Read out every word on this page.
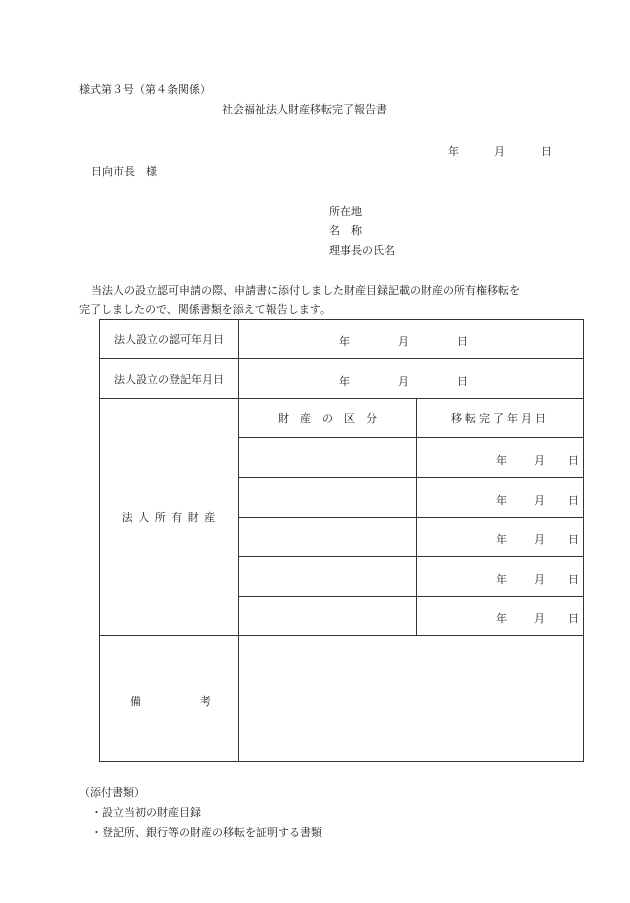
様式第３号（第４条関係）
社会福祉法人財産移転完了報告書
年	月	日
日向市長　様
所在地
名　称
理事長の氏名
当法人の設立認可申請の際、申請書に添付しました財産目録記載の財産の所有権移転を
完了しましたので、関係書類を添えて報告します。
法人設立の認可年月日	年 月 日	

法人設立の登記年月日	年 月 日	

法 人 所 有 財 産	財　産　の　区　分	移転完了年月日

		年 月 日

		年 月 日

		年 月 日

		年 月 日

		年 月 日

備 考		

（添付書類）
・設立当初の財産目録
・登記所、銀行等の財産の移転を証明する書類
